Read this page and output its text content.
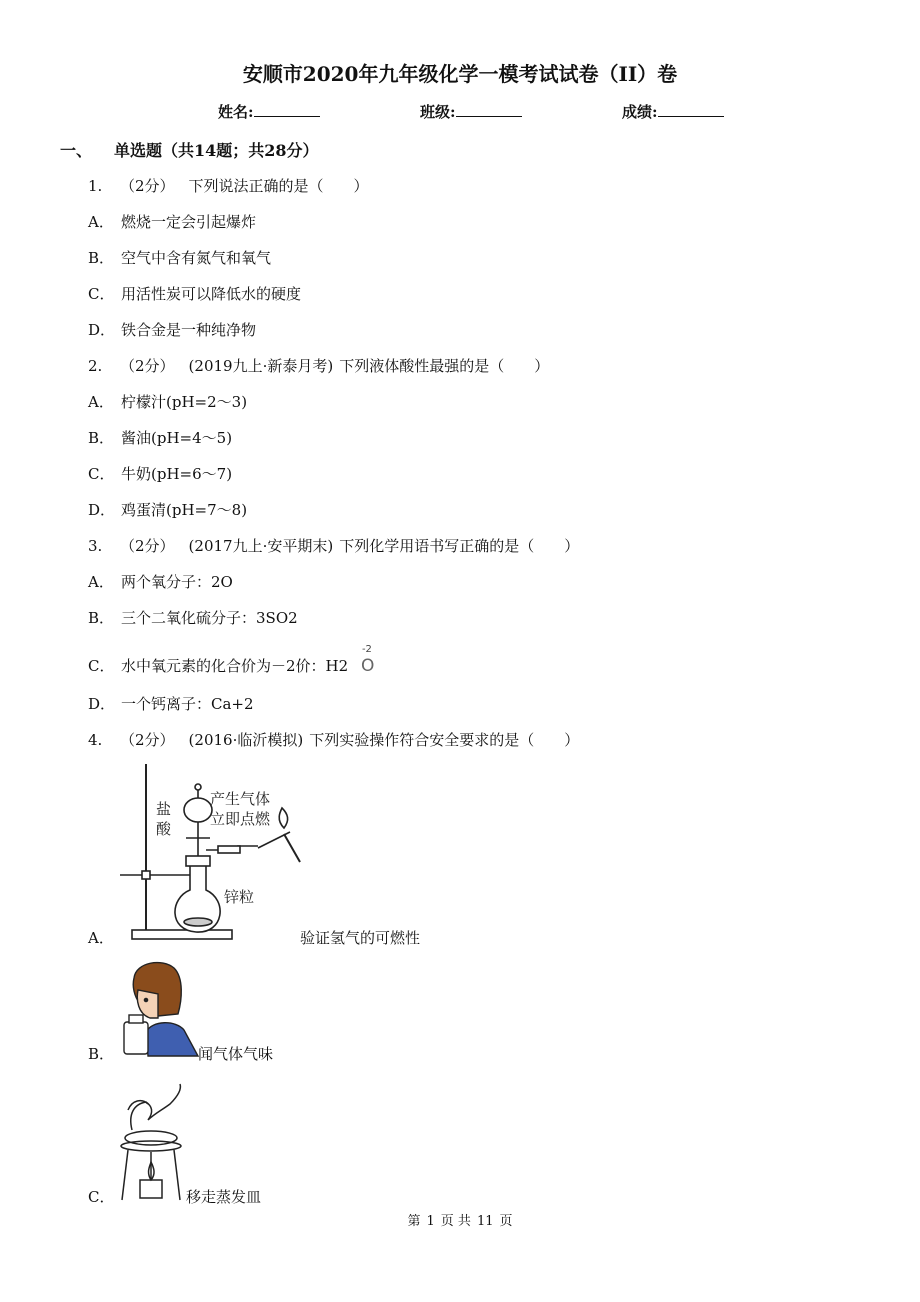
安顺市2020年九年级化学一模考试试卷（II）卷
姓名:	班级:	成绩:
一、 单选题（共14题；共28分）
1. （2分） 下列说法正确的是（　　）
A． 燃烧一定会引起爆炸
B． 空气中含有氮气和氧气
C． 用活性炭可以降低水的硬度
D． 铁合金是一种纯净物
2. （2分） (2019九上·新泰月考) 下列液体酸性最强的是（　　）
A． 柠檬汁(pH=2～3)
B． 酱油(pH=4～5)
C． 牛奶(pH=6～7)
D． 鸡蛋清(pH=7～8)
3. （2分） (2017九上·安平期末) 下列化学用语书写正确的是（　　）
A． 两个氧分子：2O
B． 三个二氧化硫分子：3SO2
C． 水中氧元素的化合价为－2价：H2
-2
O
D． 一个钙离子：Ca+2
4. （2分） (2016·临沂模拟) 下列实验操作符合安全要求的是（　　）
盐
酸
产生气体
立即点燃
锌粒
A．	验证氢气的可燃性
B．	闻气体气味
C．	移走蒸发皿
第 1 页 共 11 页
